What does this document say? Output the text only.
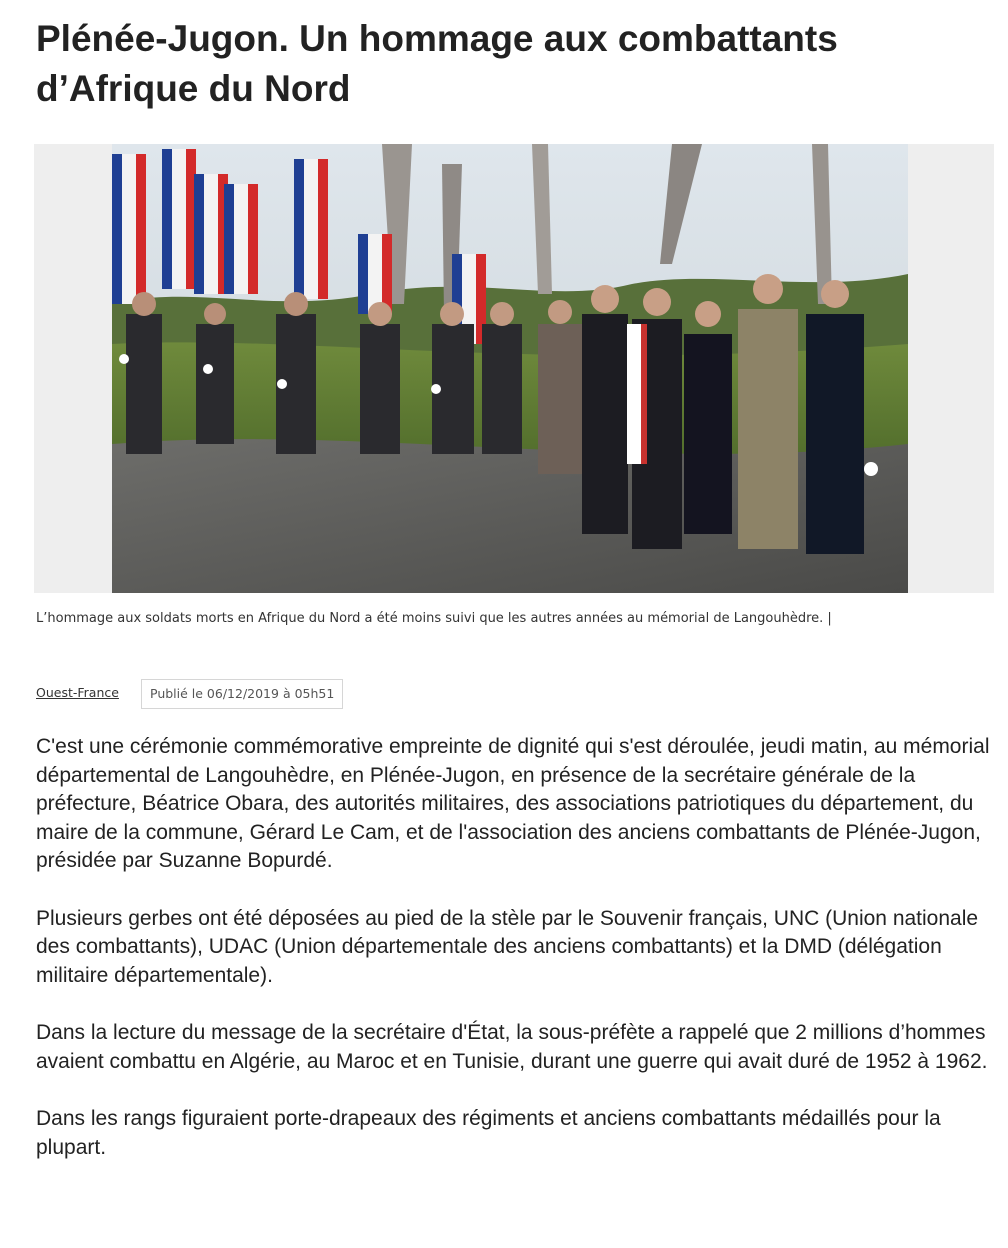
Plénée-Jugon. Un hommage aux combattants d’Afrique du Nord
L’hommage aux soldats morts en Afrique du Nord a été moins suivi que les autres années au mémorial de Langouhèdre. |
Ouest-France	Publié le 06/12/2019 à 05h51

C'est une cérémonie commémorative empreinte de dignité qui s'est déroulée, jeudi matin, au mémorial départemental de Langouhèdre, en Plénée-Jugon, en présence de la secrétaire générale de la préfecture, Béatrice Obara, des autorités militaires, des associations patriotiques du département, du maire de la commune, Gérard Le Cam, et de l'association des anciens combattants de Plénée-Jugon, présidée par Suzanne Bopurdé.

Plusieurs gerbes ont été déposées au pied de la stèle par le Souvenir français, UNC (Union nationale des combattants), UDAC (Union départementale des anciens combattants) et la DMD (délégation militaire départementale).

Dans la lecture du message de la secrétaire d'État, la sous-préfète a rappelé que 2 millions d’hommes avaient combattu en Algérie, au Maroc et en Tunisie, durant une guerre qui avait duré de 1952 à 1962.

Dans les rangs figuraient porte-drapeaux des régiments et anciens combattants médaillés pour la plupart.
